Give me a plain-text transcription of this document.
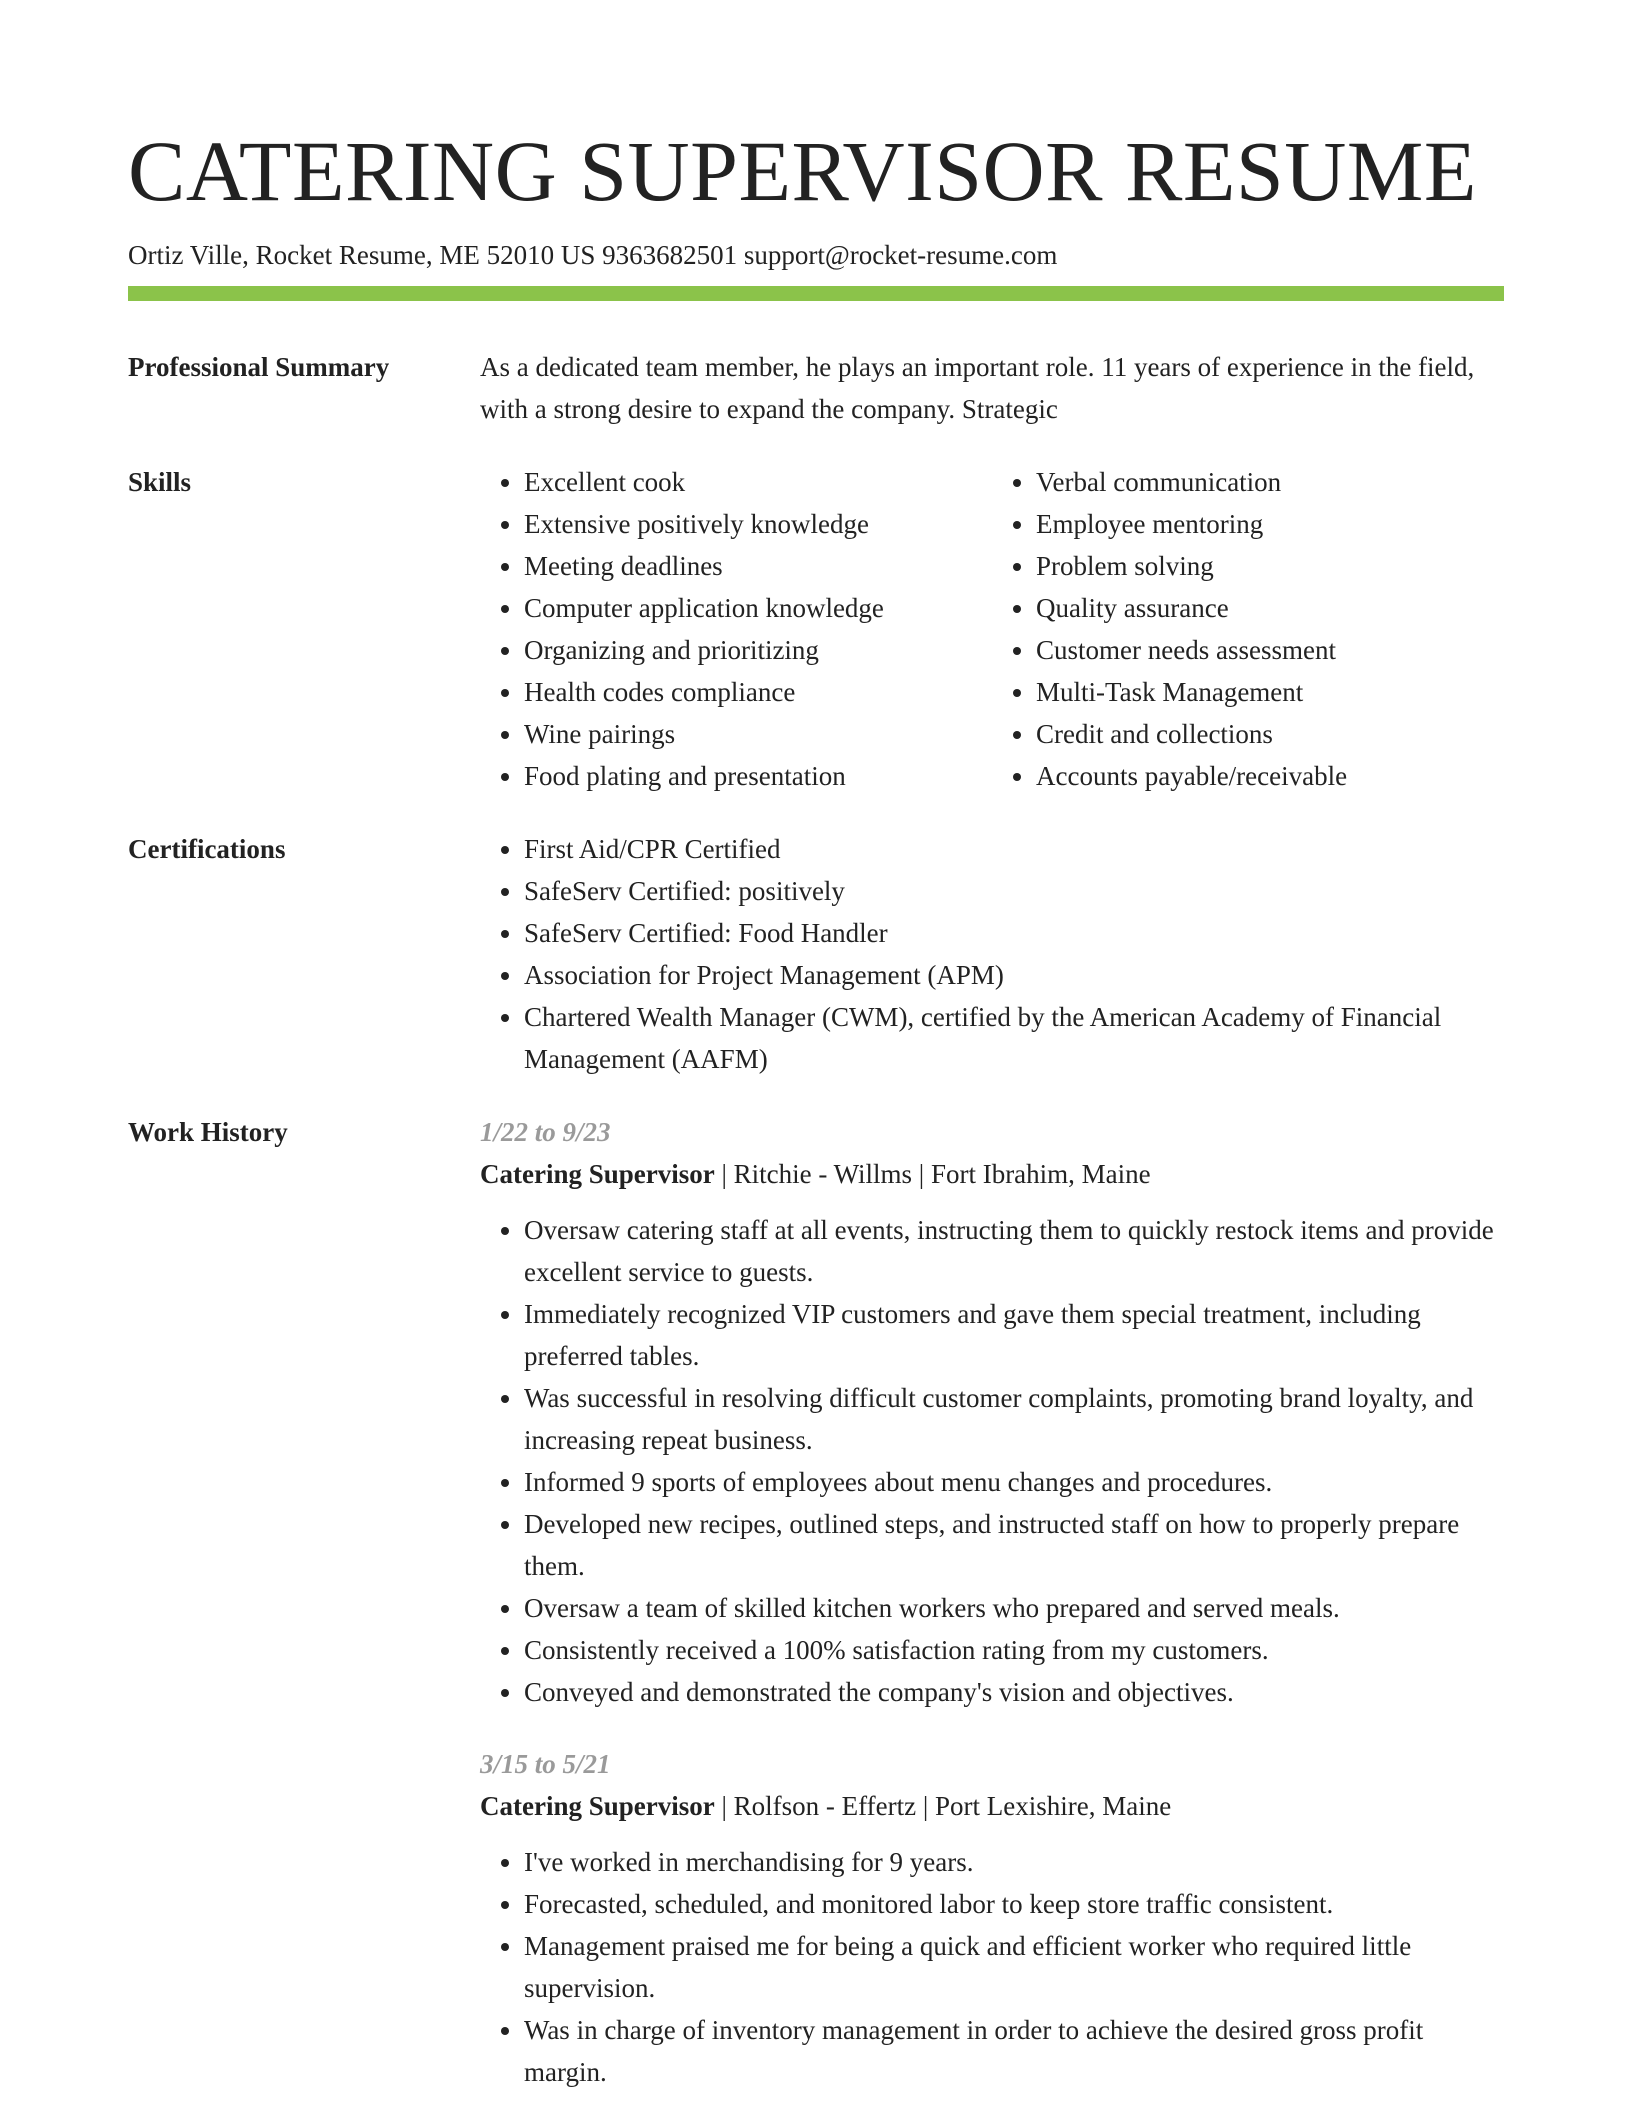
CATERING SUPERVISOR RESUME
Ortiz Ville, Rocket Resume, ME 52010 US 9363682501 support@rocket-resume.com
Professional Summary	As a dedicated team member, he plays an important role. 11 years of experience in the field, with a strong desire to expand the company. Strategic

Skills	• Excellent cook
• Extensive positively knowledge
• Meeting deadlines
• Computer application knowledge
• Organizing and prioritizing
• Health codes compliance
• Wine pairings
• Food plating and presentation
• Verbal communication
• Employee mentoring
• Problem solving
• Quality assurance
• Customer needs assessment
• Multi-Task Management
• Credit and collections
• Accounts payable/receivable
Certifications	• First Aid/CPR Certified
• SafeServ Certified: positively
• SafeServ Certified: Food Handler
• Association for Project Management (APM)
• Chartered Wealth Manager (CWM), certified by the American Academy of Financial Management (AAFM)
Work History	1/22 to 9/23
Catering Supervisor | Ritchie - Willms | Fort Ibrahim, Maine
• Oversaw catering staff at all events, instructing them to quickly restock items and provide excellent service to guests.
• Immediately recognized VIP customers and gave them special treatment, including preferred tables.
• Was successful in resolving difficult customer complaints, promoting brand loyalty, and increasing repeat business.
• Informed 9 sports of employees about menu changes and procedures.
• Developed new recipes, outlined steps, and instructed staff on how to properly prepare them.
• Oversaw a team of skilled kitchen workers who prepared and served meals.
• Consistently received a 100% satisfaction rating from my customers.
• Conveyed and demonstrated the company's vision and objectives.
3/15 to 5/21
Catering Supervisor | Rolfson - Effertz | Port Lexishire, Maine
• I've worked in merchandising for 9 years.
• Forecasted, scheduled, and monitored labor to keep store traffic consistent.
• Management praised me for being a quick and efficient worker who required little supervision.
• Was in charge of inventory management in order to achieve the desired gross profit margin.
